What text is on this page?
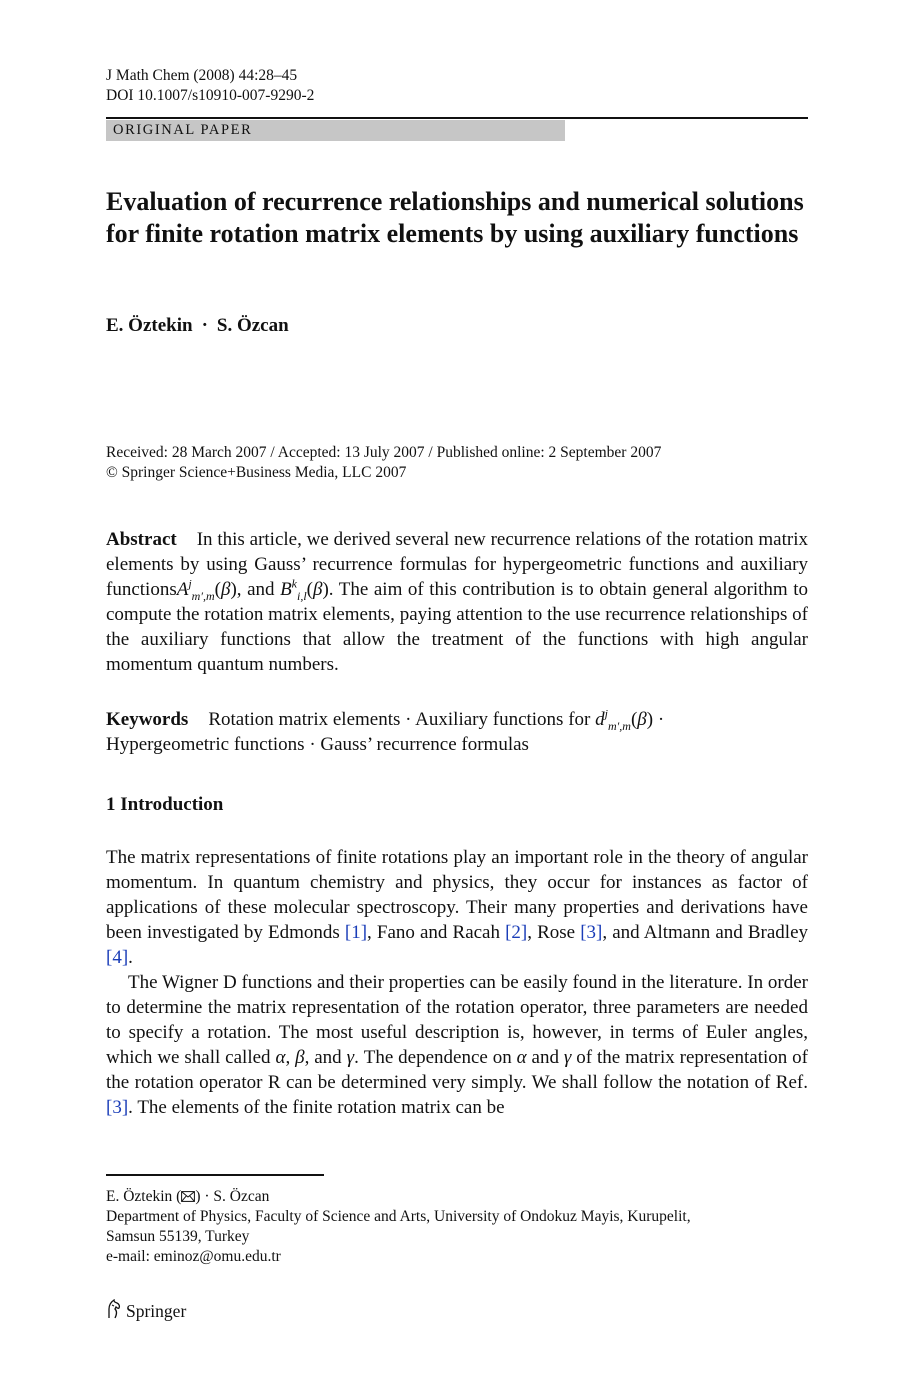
J Math Chem (2008) 44:28–45
DOI 10.1007/s10910-007-9290-2
ORIGINAL PAPER
Evaluation of recurrence relationships and numerical solutions for finite rotation matrix elements by using auxiliary functions
E. Öztekin · S. Özcan
Received: 28 March 2007 / Accepted: 13 July 2007 / Published online: 2 September 2007
© Springer Science+Business Media, LLC 2007

Abstract In this article, we derived several new recurrence relations of the rotation matrix elements by using Gauss’ recurrence formulas for hypergeometric functions and auxiliary functionsA$^j_{m',m}$(β), and $B^k_{i,l}(\beta)$. The aim of this contribution is to obtain general algorithm to compute the rotation matrix elements, paying attention to the use recurrence relationships of the auxiliary functions that allow the treatment of the functions with high angular momentum quantum numbers.

Keywords Rotation matrix elements · Auxiliary functions for $d^j_{m',m}(\beta)$ ·
Hypergeometric functions · Gauss’ recurrence formulas

1 Introduction

The matrix representations of finite rotations play an important role in the theory of angular momentum. In quantum chemistry and physics, they occur for instances as factor of applications of these molecular spectroscopy. Their many properties and derivations have been investigated by Edmonds [1], Fano and Racah [2], Rose [3], and Altmann and Bradley [4].

The Wigner D functions and their properties can be easily found in the literature. In order to determine the matrix representation of the rotation operator, three parameters are needed to specify a rotation. The most useful description is, however, in terms of Euler angles, which we shall called α, β, and γ. The dependence on α and γ of the matrix representation of the rotation operator R can be determined very simply. We shall follow the notation of Ref. [3]. The elements of the finite rotation matrix can be

E. Öztekin ( ) · S. Özcan
Department of Physics, Faculty of Science and Arts, University of Ondokuz Mayis, Kurupelit,
Samsun 55139, Turkey
e-mail: eminoz@omu.edu.tr
Springer
